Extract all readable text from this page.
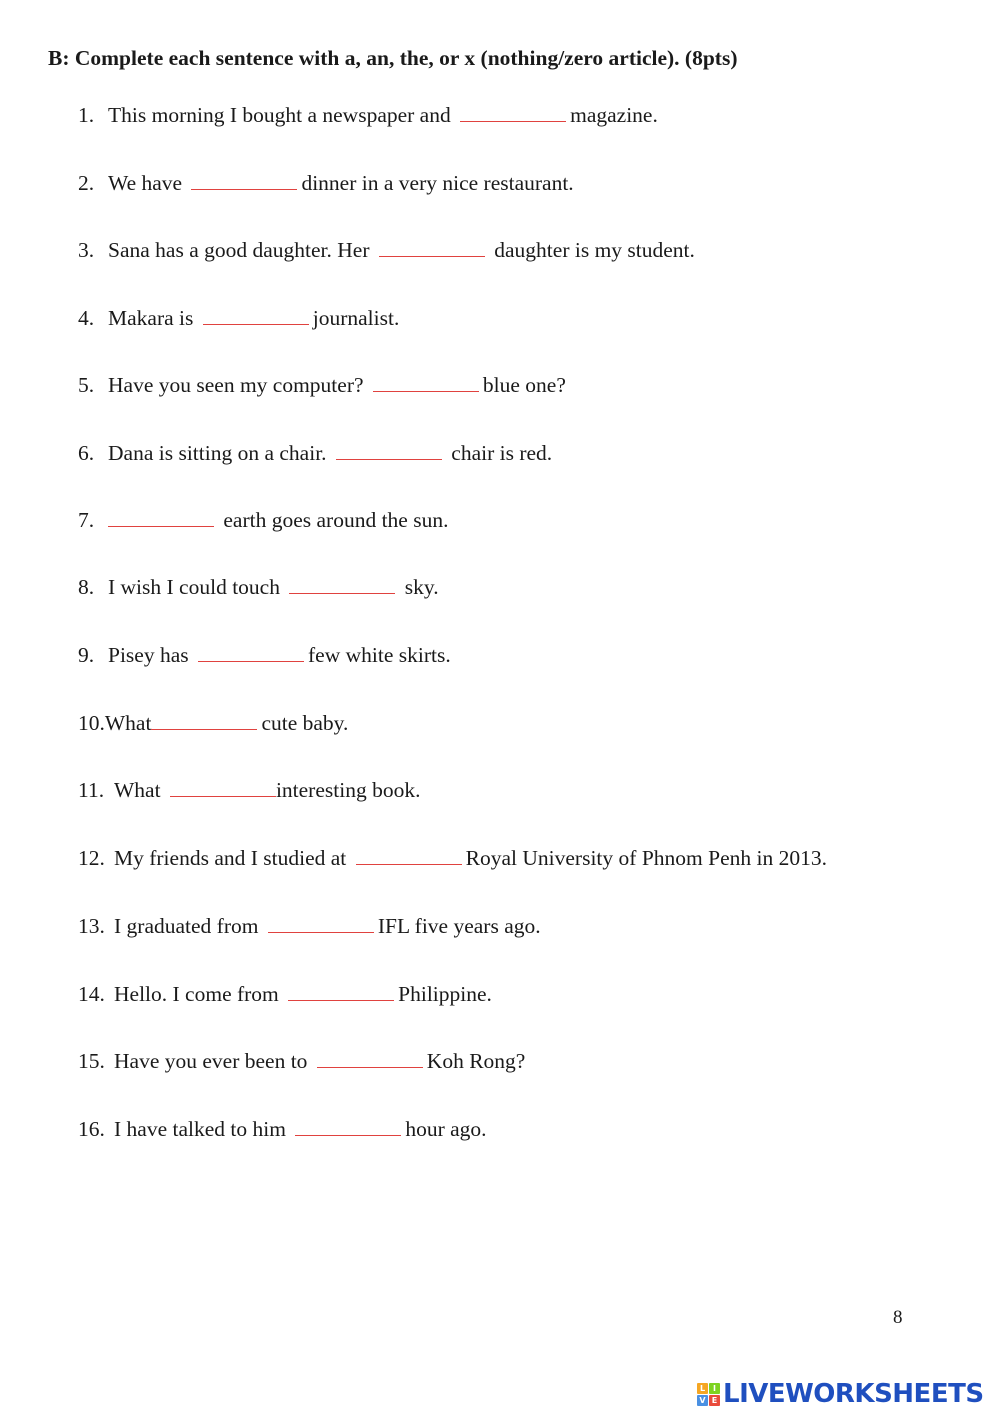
B: Complete each sentence with a, an, the, or x (nothing/zero article). (8pts)
1. This morning I bought a newspaper and	magazine.
2. We have	dinner in a very nice restaurant.
3. Sana has a good daughter. Her	daughter is my student.
4. Makara is	journalist.
5. Have you seen my computer?	blue one?
6. Dana is sitting on a chair.	chair is red.
7.	earth goes around the sun.
8. I wish I could touch	sky.
9. Pisey has	few white skirts.
10.What	cute baby.
11. What	interesting book.
12. My friends and I studied at	Royal University of Phnom Penh in 2013.
13. I graduated from	IFL five years ago.
14. Hello. I come from	Philippine.
15. Have you ever been to	Koh Rong?
16. I have talked to him	hour ago.
8
L I
V E LIVEWORKSHEETS
